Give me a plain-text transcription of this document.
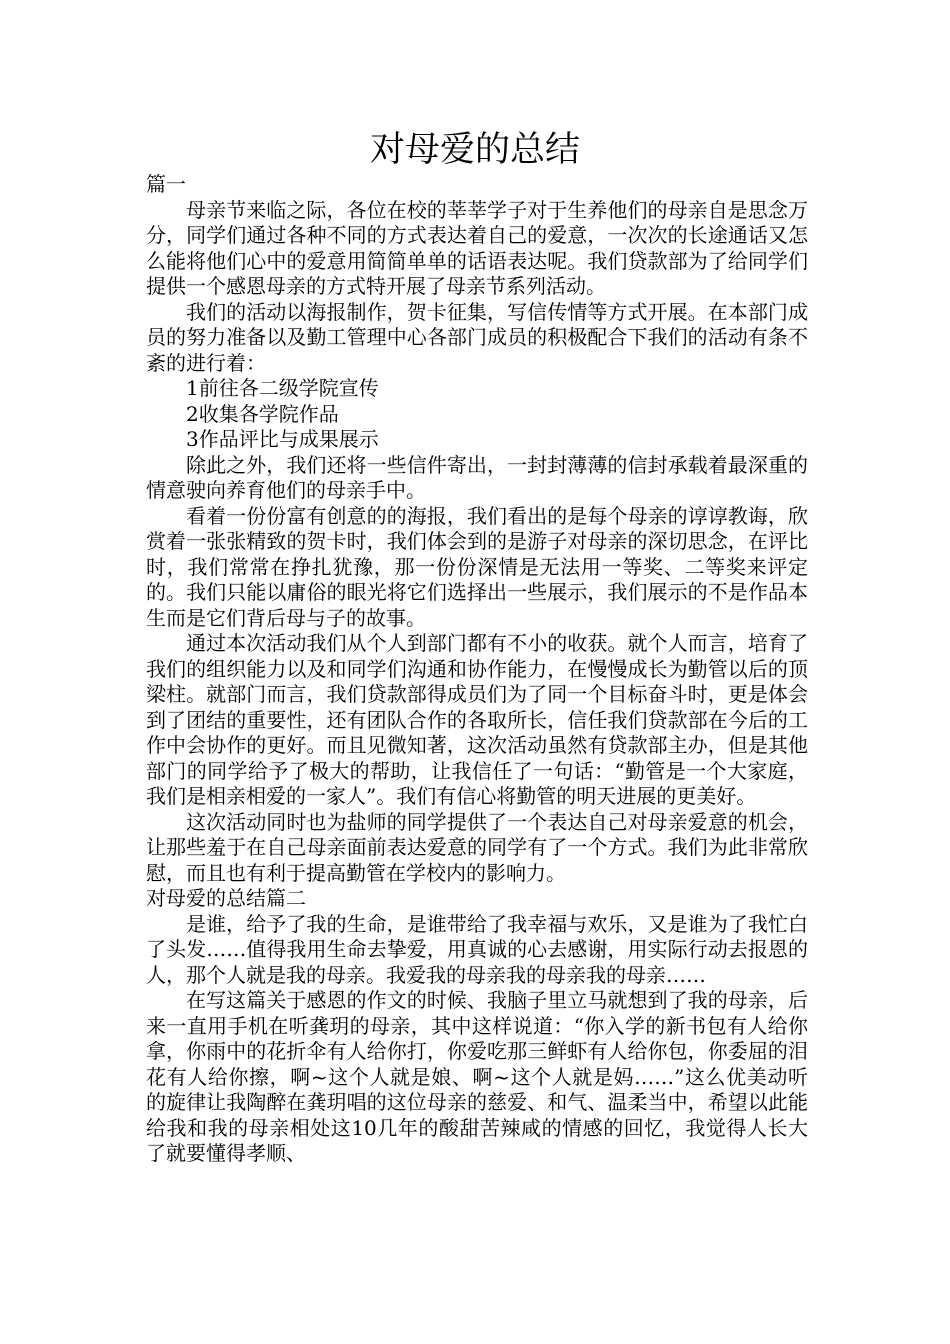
对母爱的总结

篇一

母亲节来临之际，各位在校的莘莘学子对于生养他们的母亲自是思念万分，同学们通过各种不同的方式表达着自己的爱意，一次次的长途通话又怎么能将他们心中的爱意用简简单单的话语表达呢。我们贷款部为了给同学们提供一个感恩母亲的方式特开展了母亲节系列活动。

我们的活动以海报制作，贺卡征集，写信传情等方式开展。在本部门成员的努力准备以及勤工管理中心各部门成员的积极配合下我们的活动有条不紊的进行着：

1前往各二级学院宣传

2收集各学院作品

3作品评比与成果展示

除此之外，我们还将一些信件寄出，一封封薄薄的信封承载着最深重的情意驶向养育他们的母亲手中。

看着一份份富有创意的的海报，我们看出的是每个母亲的谆谆教诲，欣赏着一张张精致的贺卡时，我们体会到的是游子对母亲的深切思念，在评比时，我们常常在挣扎犹豫，那一份份深情是无法用一等奖、二等奖来评定的。我们只能以庸俗的眼光将它们选择出一些展示，我们展示的不是作品本生而是它们背后母与子的故事。

通过本次活动我们从个人到部门都有不小的收获。就个人而言，培育了我们的组织能力以及和同学们沟通和协作能力，在慢慢成长为勤管以后的顶梁柱。就部门而言，我们贷款部得成员们为了同一个目标奋斗时，更是体会到了团结的重要性，还有团队合作的各取所长，信任我们贷款部在今后的工作中会协作的更好。而且见微知著，这次活动虽然有贷款部主办，但是其他部门的同学给予了极大的帮助，让我信任了一句话：“勤管是一个大家庭，我们是相亲相爱的一家人”。我们有信心将勤管的明天进展的更美好。

这次活动同时也为盐师的同学提供了一个表达自己对母亲爱意的机会，让那些羞于在自己母亲面前表达爱意的同学有了一个方式。我们为此非常欣慰，而且也有利于提高勤管在学校内的影响力。

对母爱的总结篇二

是谁，给予了我的生命，是谁带给了我幸福与欢乐，又是谁为了我忙白了头发……值得我用生命去挚爱，用真诚的心去感谢，用实际行动去报恩的人，那个人就是我的母亲。我爱我的母亲我的母亲我的母亲……

在写这篇关于感恩的作文的时候、我脑子里立马就想到了我的母亲，后来一直用手机在听龚玥的母亲，其中这样说道：“你入学的新书包有人给你拿，你雨中的花折伞有人给你打，你爱吃那三鲜虾有人给你包，你委屈的泪花有人给你擦，啊~这个人就是娘、啊~这个人就是妈……”这么优美动听的旋律让我陶醉在龚玥唱的这位母亲的慈爱、和气、温柔当中，希望以此能给我和我的母亲相处这10几年的酸甜苦辣咸的情感的回忆，我觉得人长大了就要懂得孝顺、
